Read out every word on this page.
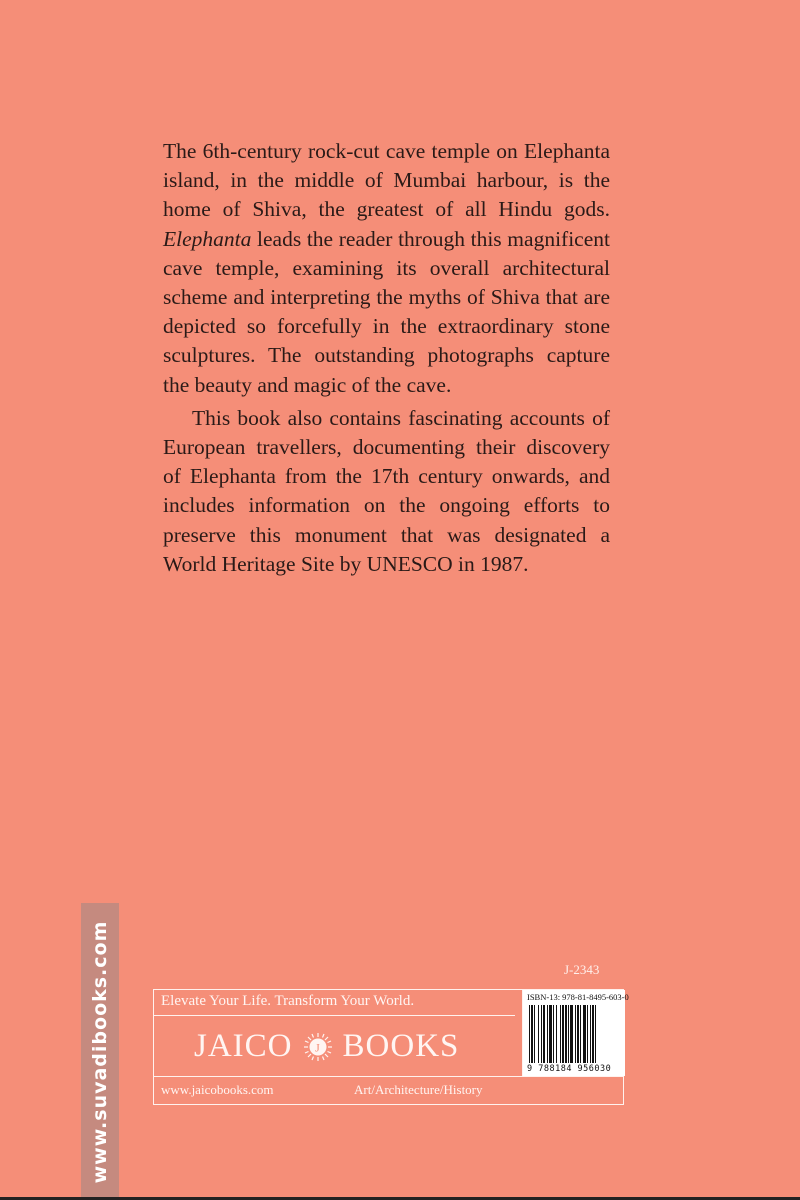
The 6th-century rock-cut cave temple on Elephanta island, in the middle of Mumbai harbour, is the home of Shiva, the greatest of all Hindu gods. Elephanta leads the reader through this magnificent cave temple, examining its overall architectural scheme and interpreting the myths of Shiva that are depicted so forcefully in the extraordinary stone sculptures. The outstanding photographs capture the beauty and magic of the cave.

This book also contains fascinating accounts of European travellers, documenting their discovery of Elephanta from the 17th century onwards, and includes information on the ongoing efforts to preserve this monument that was designated a World Heritage Site by UNESCO in 1987.

www.suvadibooks.com	J-2343
Elevate Your Life. Transform Your World.
JAICO J BOOKS
www.jaicobooks.com	Art/Architecture/History
ISBN-13: 978-81-8495-603-0
9 788184 956030
